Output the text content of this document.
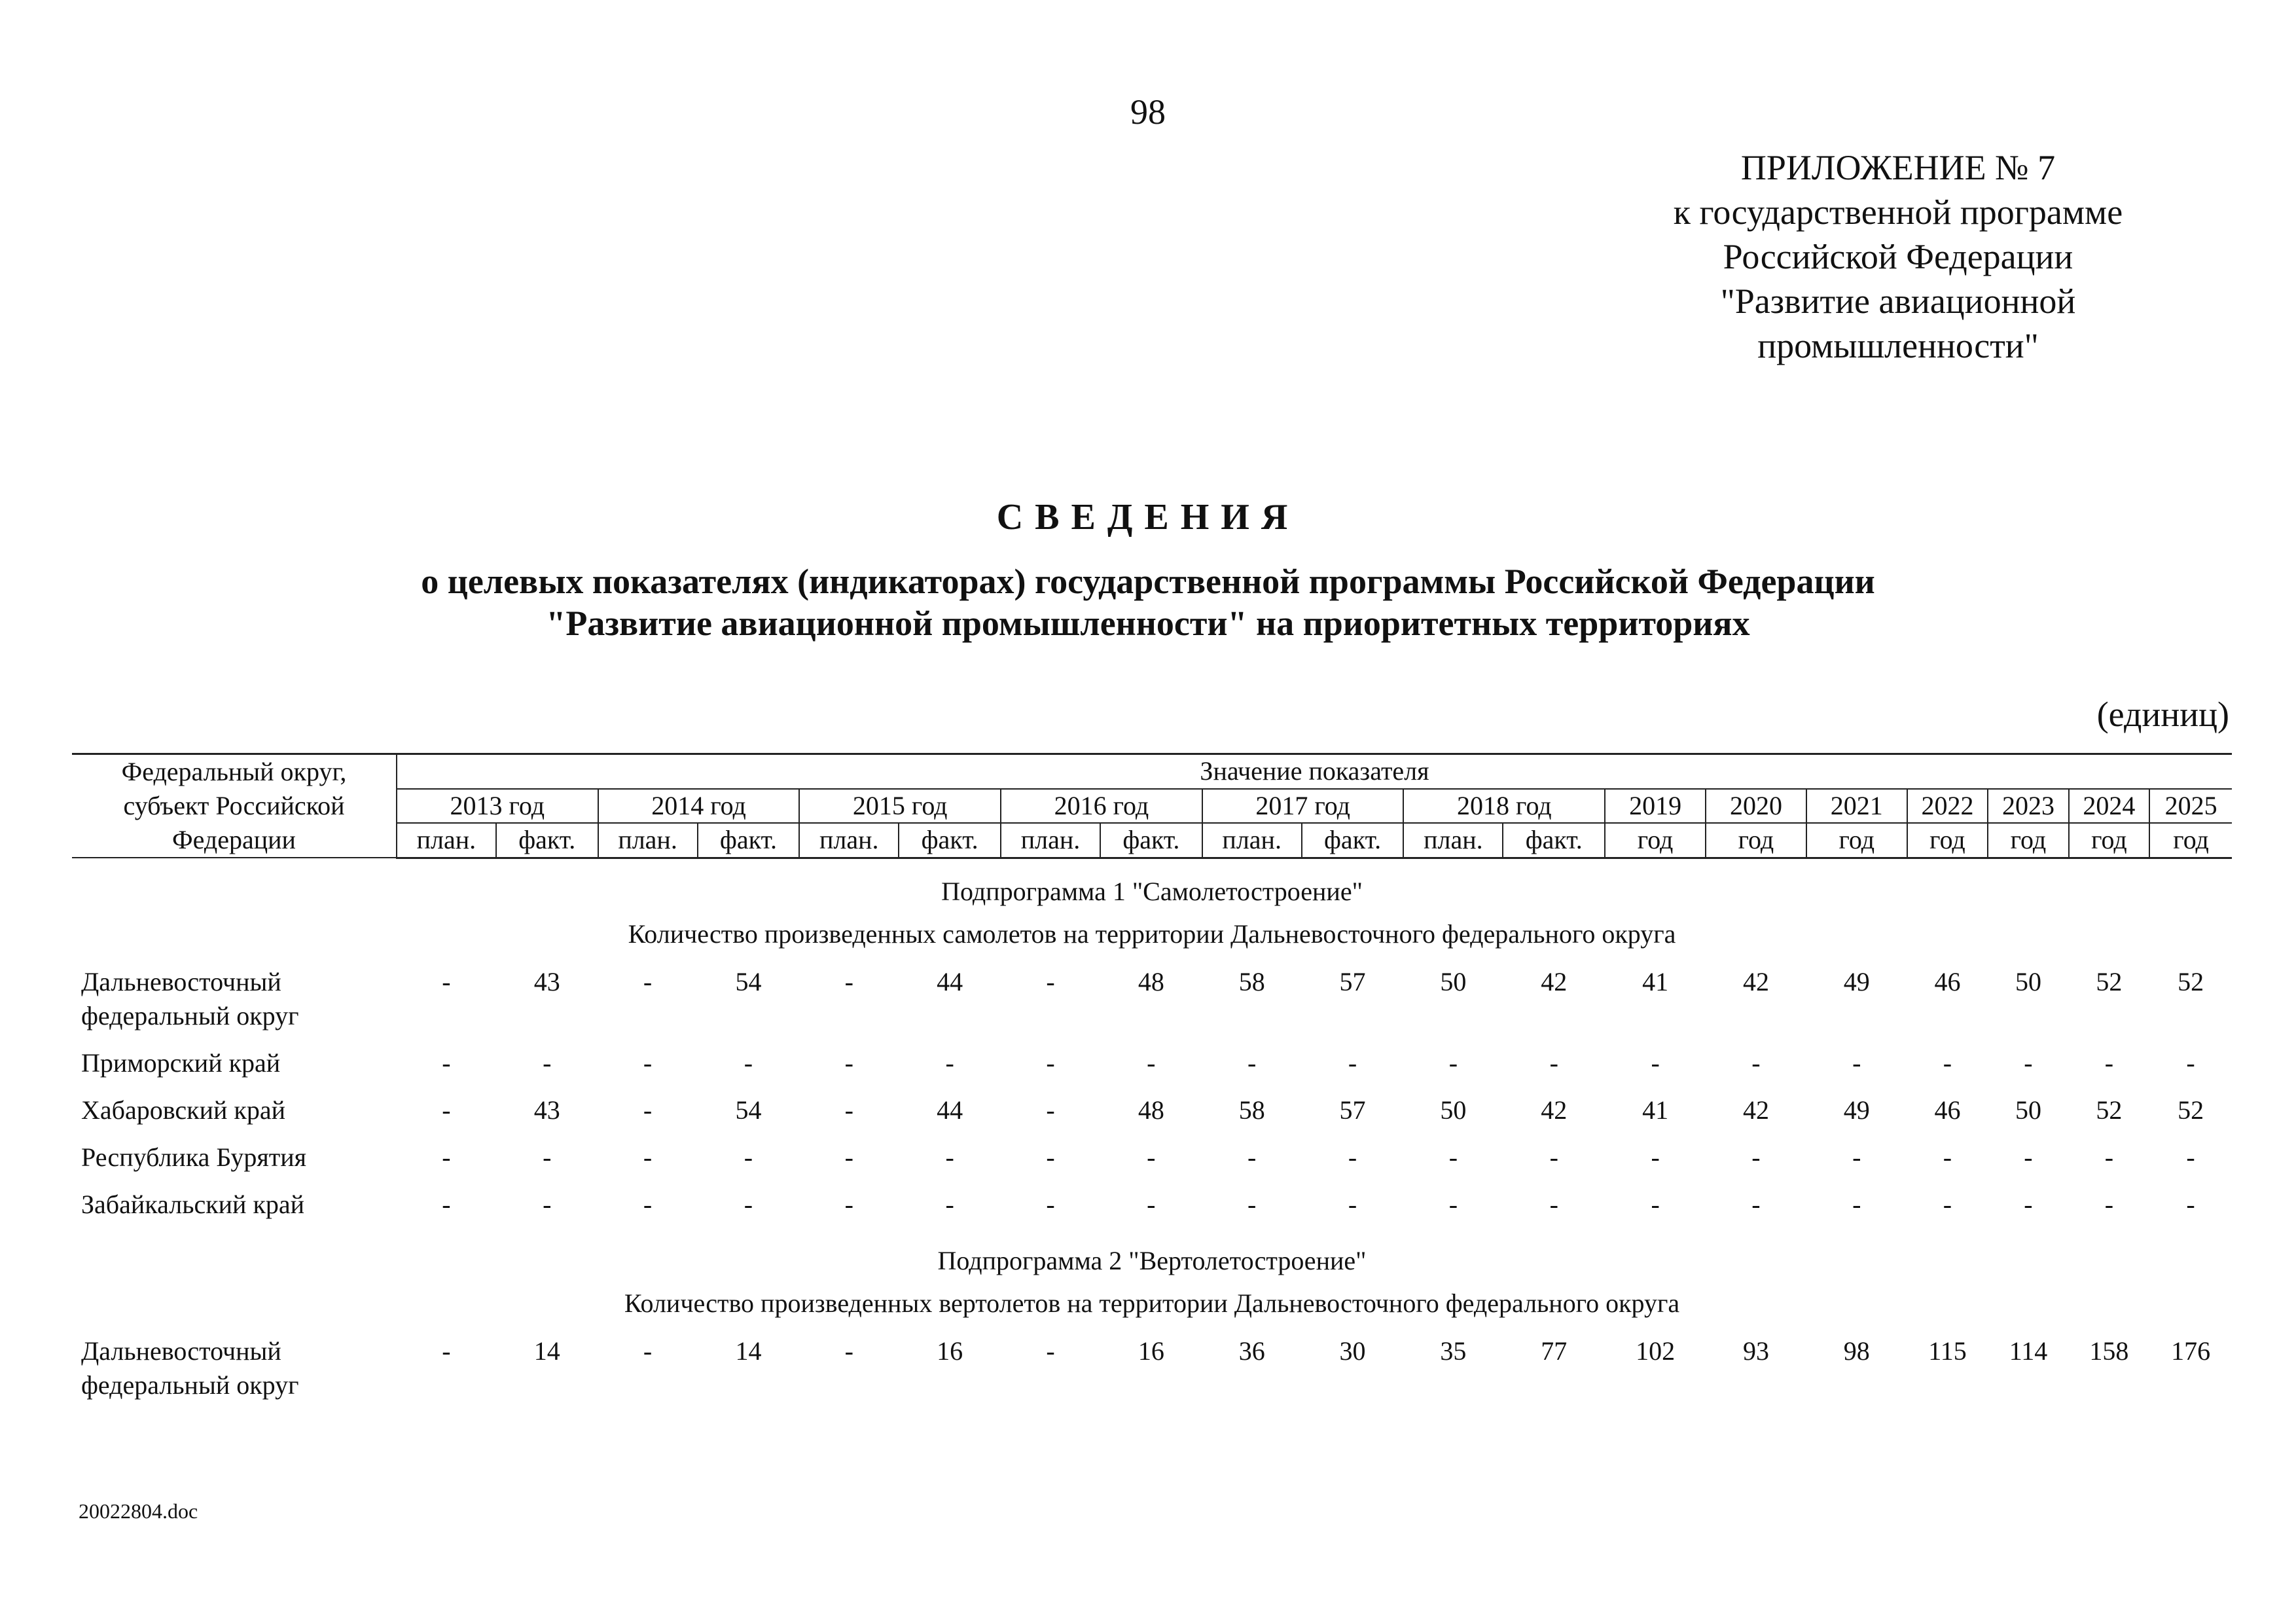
98
ПРИЛОЖЕНИЕ № 7
к государственной программе
Российской Федерации
"Развитие авиационной
промышленности"
СВЕДЕНИЯ
о целевых показателях (индикаторах) государственной программы Российской Федерации
"Развитие авиационной промышленности" на приоритетных территориях
(единиц)
Федеральный округ,
субъект Российской
Федерации	Значение показателя																		
	2013 год		2014 год		2015 год		2016 год		2017 год		2018 год		2019	2020	2021	2022	2023	2024	2025
	план.	факт.	план.	факт.	план.	факт.	план.	факт.	план.	факт.	план.	факт.	год	год	год	год	год	год	год
Подпрограмма 1 "Самолетостроение"																			
Количество произведенных самолетов на территории Дальневосточного федерального округа																			

Дальневосточный
федеральный округ	-	43	-	54	-	44	-	48	58	57	50	42	41	42	49	46	50	52	52
Приморский край	-	-	-	-	-	-	-	-	-	-	-	-	-	-	-	-	-	-	-
Хабаровский край	-	43	-	54	-	44	-	48	58	57	50	42	41	42	49	46	50	52	52
Республика Бурятия	-	-	-	-	-	-	-	-	-	-	-	-	-	-	-	-	-	-	-
Забайкальский край	-	-	-	-	-	-	-	-	-	-	-	-	-	-	-	-	-	-	-
Подпрограмма 2 "Вертолетостроение"																			
Количество произведенных вертолетов на территории Дальневосточного федерального округа																			

Дальневосточный
федеральный округ	-	14	-	14	-	16	-	16	36	30	35	77	102	93	98	115	114	158	176
20022804.doc
